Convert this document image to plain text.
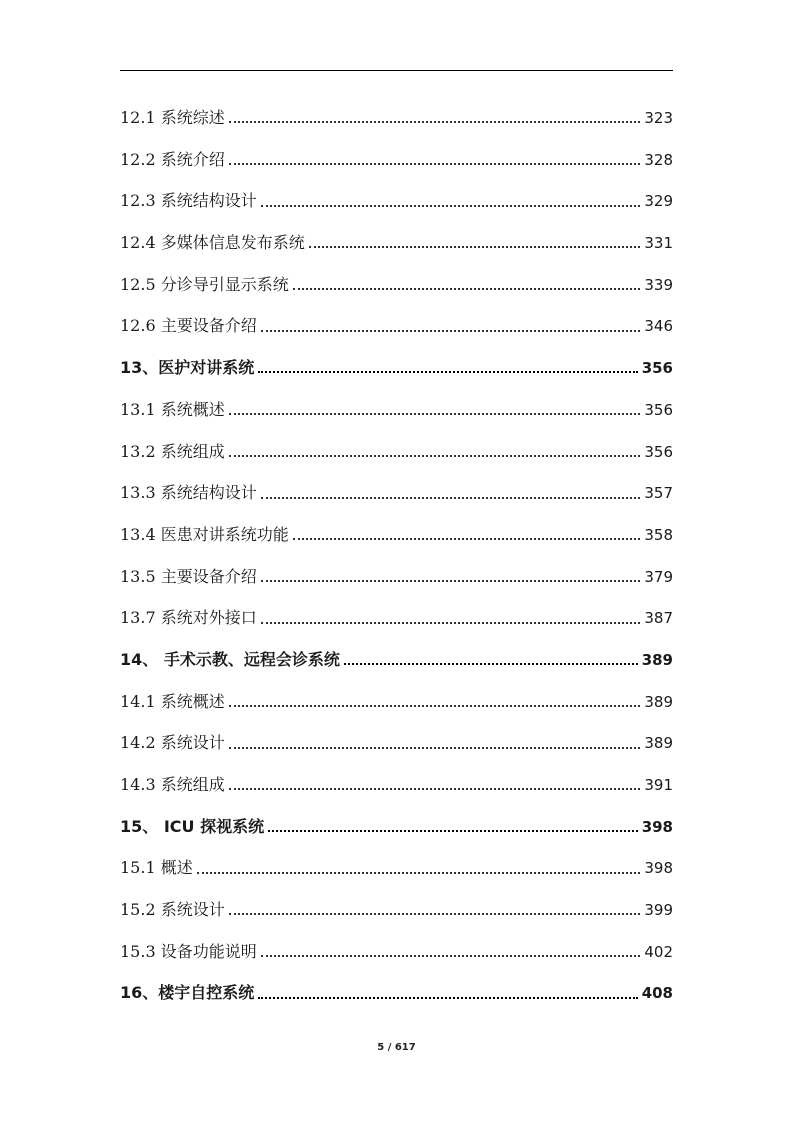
12.1 系统综述	323
12.2 系统介绍	328
12.3 系统结构设计	329
12.4 多媒体信息发布系统	331
12.5 分诊导引显示系统	339
12.6 主要设备介绍	346
13、医护对讲系统	356
13.1 系统概述	356
13.2 系统组成	356
13.3 系统结构设计	357
13.4 医患对讲系统功能	358
13.5 主要设备介绍	379
13.7 系统对外接口	387
14、 手术示教、远程会诊系统	389
14.1 系统概述	389
14.2 系统设计	389
14.3 系统组成	391
15、 ICU 探视系统	398
15.1 概述	398
15.2 系统设计	399
15.3 设备功能说明	402
16、楼宇自控系统	408
5 / 617
